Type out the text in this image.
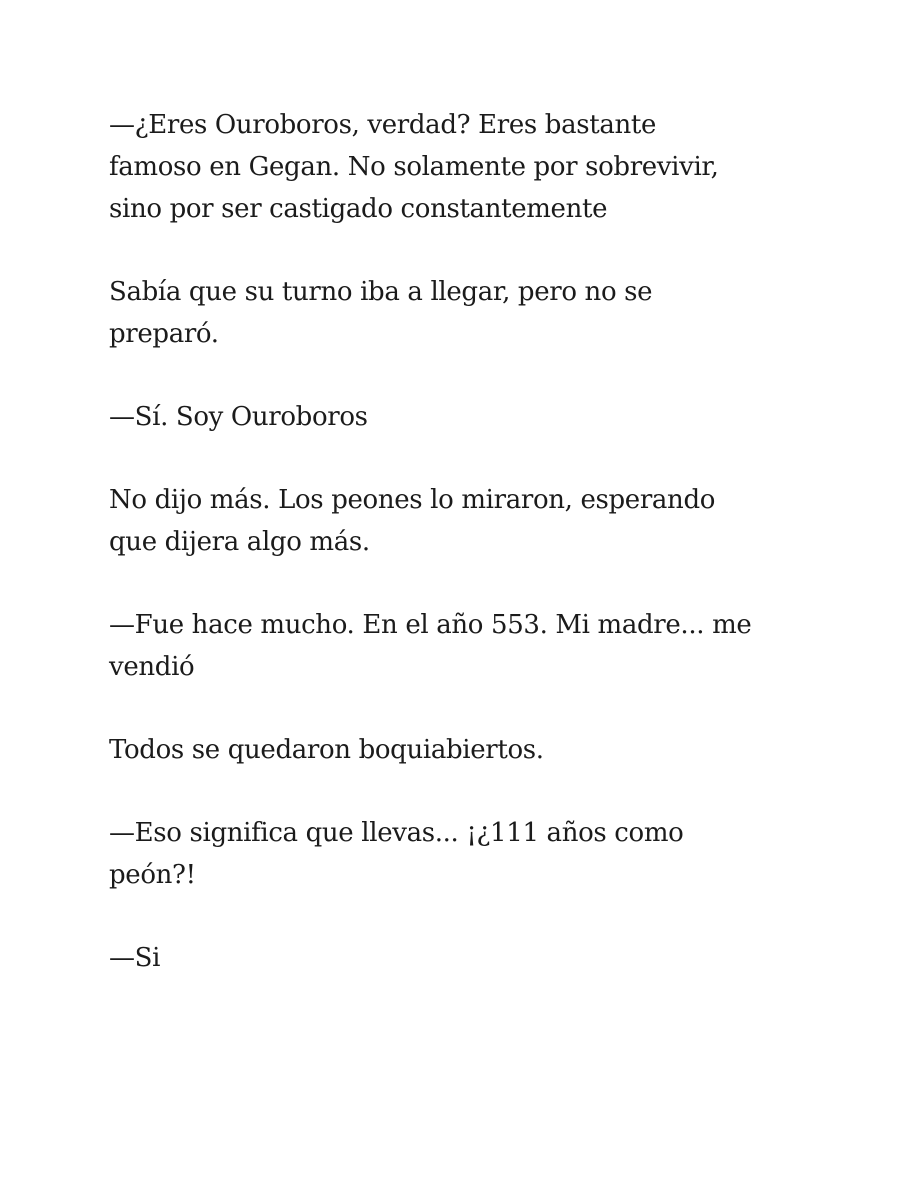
—¿Eres Ouroboros, verdad? Eres bastante
famoso en Gegan. No solamente por sobrevivir,
sino por ser castigado constantemente

Sabía que su turno iba a llegar, pero no se
preparó.

—Sí. Soy Ouroboros

No dijo más. Los peones lo miraron, esperando
que dijera algo más.

—Fue hace mucho. En el año 553. Mi madre... me
vendió

Todos se quedaron boquiabiertos.

—Eso significa que llevas... ¡¿111 años como
peón?!

—Si
